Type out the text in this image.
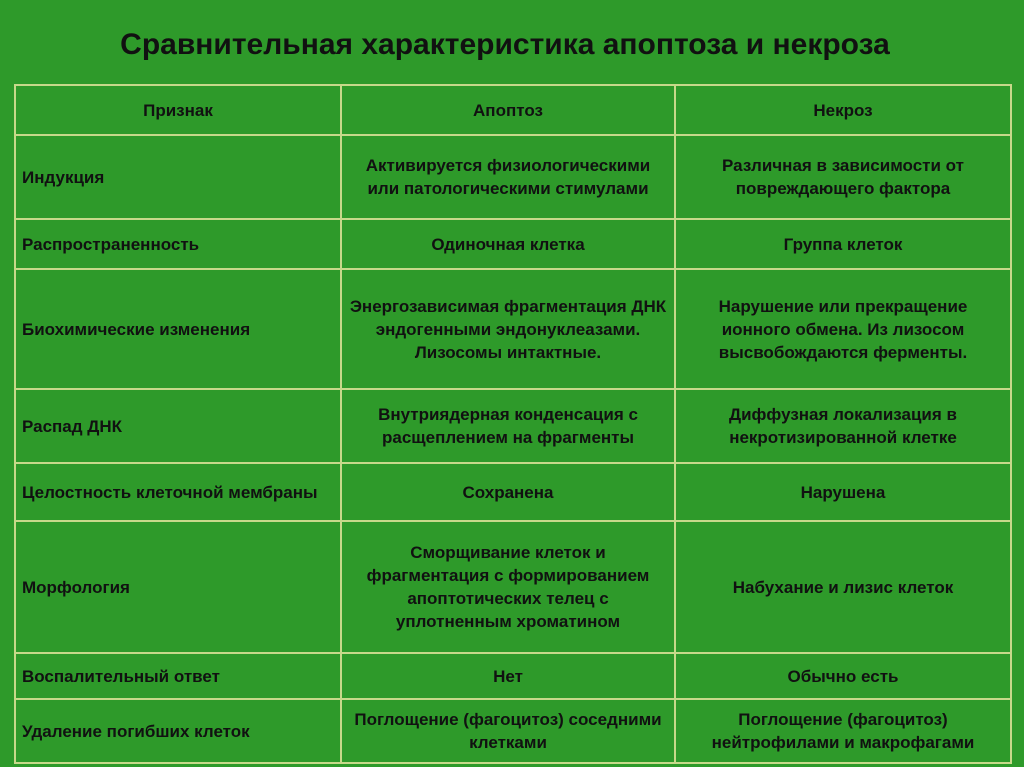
Сравнительная характеристика апоптоза и некроза
Признак	Апоптоз	Некроз
Индукция	Активируется физиологическими или патологическими стимулами	Различная в зависимости от повреждающего фактора
Распространенность	Одиночная клетка	Группа клеток
Биохимические изменения	Энергозависимая фрагментация ДНК эндогенными эндонуклеазами. Лизосомы интактные.	Нарушение или прекращение ионного обмена. Из лизосом высвобождаются ферменты.
Распад ДНК	Внутриядерная конденсация с расщеплением на фрагменты	Диффузная локализация в некротизированной клетке
Целостность клеточной мембраны	Сохранена	Нарушена
Морфология	Сморщивание клеток и фрагментация с формированием апоптотических телец с уплотненным хроматином	Набухание и лизис клеток
Воспалительный ответ	Нет	Обычно есть
Удаление погибших клеток	Поглощение (фагоцитоз) соседними клетками	Поглощение (фагоцитоз) нейтрофилами и макрофагами
